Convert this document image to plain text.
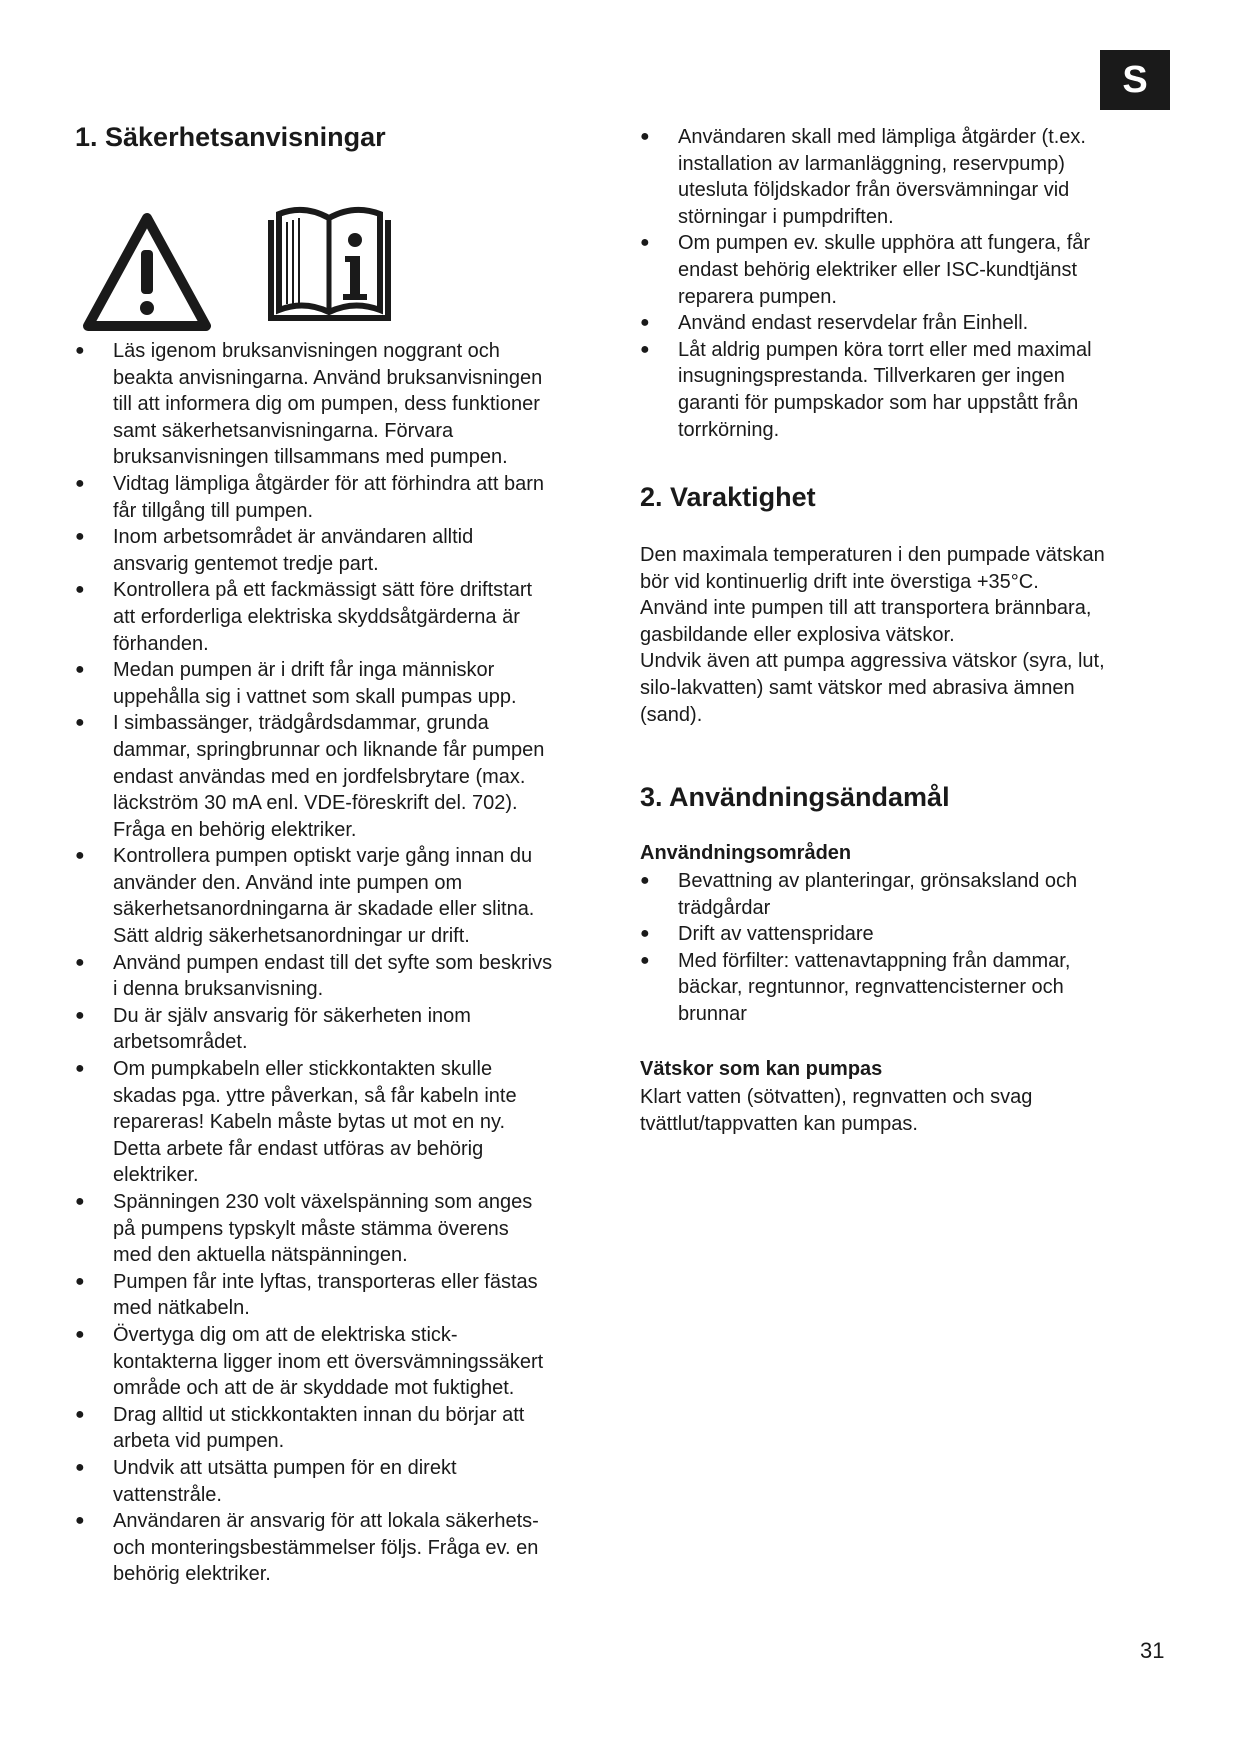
S
1. Säkerhetsanvisningar
● Läs igenom bruksanvisningen noggrant och
beakta anvisningarna. Använd bruksanvisningen
till att informera dig om pumpen, dess funktioner
samt säkerhetsanvisningarna. Förvara
bruksanvisningen tillsammans med pumpen.
● Vidtag lämpliga åtgärder för att förhindra att barn
får tillgång till pumpen.
● Inom arbetsområdet är användaren alltid
ansvarig gentemot tredje part.
● Kontrollera på ett fackmässigt sätt före driftstart
att erforderliga elektriska skyddsåtgärderna är
förhanden.
● Medan pumpen är i drift får inga människor
uppehålla sig i vattnet som skall pumpas upp.
● I simbassänger, trädgårdsdammar, grunda
dammar, springbrunnar och liknande får pumpen
endast användas med en jordfelsbrytare (max.
läckström 30 mA enl. VDE-föreskrift del. 702).
Fråga en behörig elektriker.
● Kontrollera pumpen optiskt varje gång innan du
använder den. Använd inte pumpen om
säkerhetsanordningarna är skadade eller slitna.
Sätt aldrig säkerhetsanordningar ur drift.
● Använd pumpen endast till det syfte som beskrivs
i denna bruksanvisning.
● Du är själv ansvarig för säkerheten inom
arbetsområdet.
● Om pumpkabeln eller stickkontakten skulle
skadas pga. yttre påverkan, så får kabeln inte
repareras! Kabeln måste bytas ut mot en ny.
Detta arbete får endast utföras av behörig
elektriker.
● Spänningen 230 volt växelspänning som anges
på pumpens typskylt måste stämma överens
med den aktuella nätspänningen.
● Pumpen får inte lyftas, transporteras eller fästas
med nätkabeln.
● Övertyga dig om att de elektriska stick-
kontakterna ligger inom ett översvämningssäkert
område och att de är skyddade mot fuktighet.
● Drag alltid ut stickkontakten innan du börjar att
arbeta vid pumpen.
● Undvik att utsätta pumpen för en direkt
vattenstråle.
● Användaren är ansvarig för att lokala säkerhets-
och monteringsbestämmelser följs. Fråga ev. en
behörig elektriker.
● Användaren skall med lämpliga åtgärder (t.ex.
installation av larmanläggning, reservpump)
utesluta följdskador från översvämningar vid
störningar i pumpdriften.
● Om pumpen ev. skulle upphöra att fungera, får
endast behörig elektriker eller ISC-kundtjänst
reparera pumpen.
● Använd endast reservdelar från Einhell.
● Låt aldrig pumpen köra torrt eller med maximal
insugningsprestanda. Tillverkaren ger ingen
garanti för pumpskador som har uppstått från
torrkörning.
2. Varaktighet

Den maximala temperaturen i den pumpade vätskan
bör vid kontinuerlig drift inte överstiga +35°C.
Använd inte pumpen till att transportera brännbara,
gasbildande eller explosiva vätskor.
Undvik även att pumpa aggressiva vätskor (syra, lut,
silo-lakvatten) samt vätskor med abrasiva ämnen
(sand).

3. Användningsändamål

Användningsområden

● Bevattning av planteringar, grönsaksland och
trädgårdar
● Drift av vattenspridare
● Med förfilter: vattenavtappning från dammar,
bäckar, regntunnor, regnvattencisterner och
brunnar

Vätskor som kan pumpas

Klart vatten (sötvatten), regnvatten och svag
tvättlut/tappvatten kan pumpas.

31
